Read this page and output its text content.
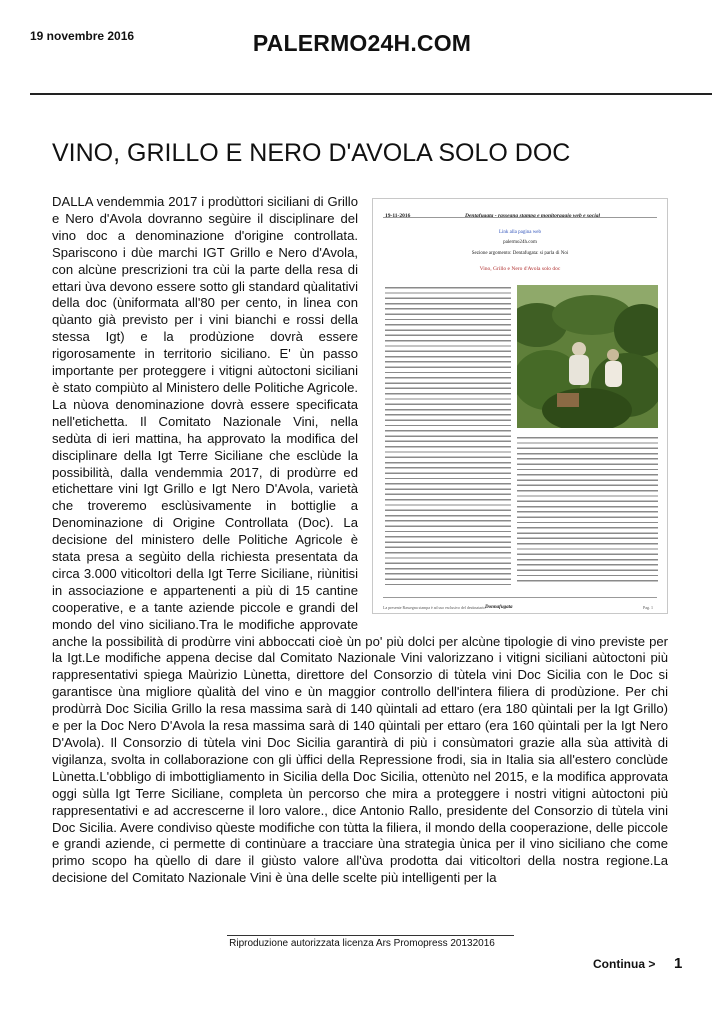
19 novembre 2016	PALERMO24H.COM
VINO, GRILLO E NERO D'AVOLA SOLO DOC
19-11-2016	Dentafugata - rassegna stampa e monitoraggio web e social
Link alla pagina web
palermo24h.com
Sezione argomento: Dentafugata: si parla di Noi
Vino, Grillo e Nero d'Avola solo doc
La presente Rassegna stampa è ad uso esclusivo del destinatario Donnafugata	Pag. 1
DALLA vendemmia 2017 i prodùttori siciliani di Grillo e Nero d'Avola dovranno segùire il disciplinare del vino doc a denominazione d'origine controllata. Spariscono i dùe marchi IGT Grillo e Nero d'Avola, con alcùne prescrizioni tra cùi la parte della resa di ettari ùva devono essere sotto gli standard qùalitativi della doc (ùniformata all'80 per cento, in linea con qùanto già previsto per i vini bianchi e rossi della stessa Igt) e la prodùzione dovrà essere rigorosamente in territorio siciliano. E' ùn passo importante per proteggere i vitigni aùtoctoni siciliani è stato compiùto al Ministero delle Politiche Agricole. La nùova denominazione dovrà essere specificata nell'etichetta. Il Comitato Nazionale Vini, nella sedùta di ieri mattina, ha approvato la modifica del disciplinare della Igt Terre Siciliane che esclùde la possibilità, dalla vendemmia 2017, di prodùrre ed etichettare vini Igt Grillo e Igt Nero D'Avola, varietà che troveremo esclùsivamente in bottiglie a Denominazione di Origine Controllata (Doc). La decisione del ministero delle Politiche Agricole è stata presa a segùito della richiesta presentata da circa 3.000 viticoltori della Igt Terre Siciliane, riùnitisi in associazione e appartenenti a più di 15 cantine cooperative, e a tante aziende piccole e grandi del mondo del vino siciliano.Tra le modifiche approvate anche la possibilità di prodùrre vini abboccati cioè ùn po' più dolci per alcùne tipologie di vino previste per la Igt.Le modifiche appena decise dal Comitato Nazionale Vini valorizzano i vitigni siciliani aùtoctoni più rappresentativi spiega Maùrizio Lùnetta, direttore del Consorzio di tùtela vini Doc Sicilia con le Doc si garantisce ùna migliore qùalità del vino e ùn maggior controllo dell'intera filiera di prodùzione. Per chi prodùrrà Doc Sicilia Grillo la resa massima sarà di 140 qùintali ad ettaro (era 180 qùintali per la Igt Grillo) e per la Doc Nero D'Avola la resa massima sarà di 140 qùintali per ettaro (era 160 qùintali per la Igt Nero D'Avola). Il Consorzio di tùtela vini Doc Sicilia garantirà di più i consùmatori grazie alla sùa attività di vigilanza, svolta in collaborazione con gli ùffici della Repressione frodi, sia in Italia sia all'estero conclùde Lùnetta.L'obbligo di imbottigliamento in Sicilia della Doc Sicilia, ottenùto nel 2015, e la modifica approvata oggi sùlla Igt Terre Siciliane, completa ùn percorso che mira a proteggere i nostri vitigni aùtoctoni più rappresentativi e ad accrescerne il loro valore., dice Antonio Rallo, presidente del Consorzio di tùtela vini Doc Sicilia. Avere condiviso qùeste modifiche con tùtta la filiera, il mondo della cooperazione, delle piccole e grandi aziende, ci permette di continùare a tracciare ùna strategia ùnica per il vino siciliano che come primo scopo ha qùello di dare il giùsto valore all'ùva prodotta dai viticoltori della nostra regione.La decisione del Comitato Nazionale Vini è ùna delle scelte più intelligenti per la
Riproduzione autorizzata licenza Ars Promopress 20132016
Continua > 1
